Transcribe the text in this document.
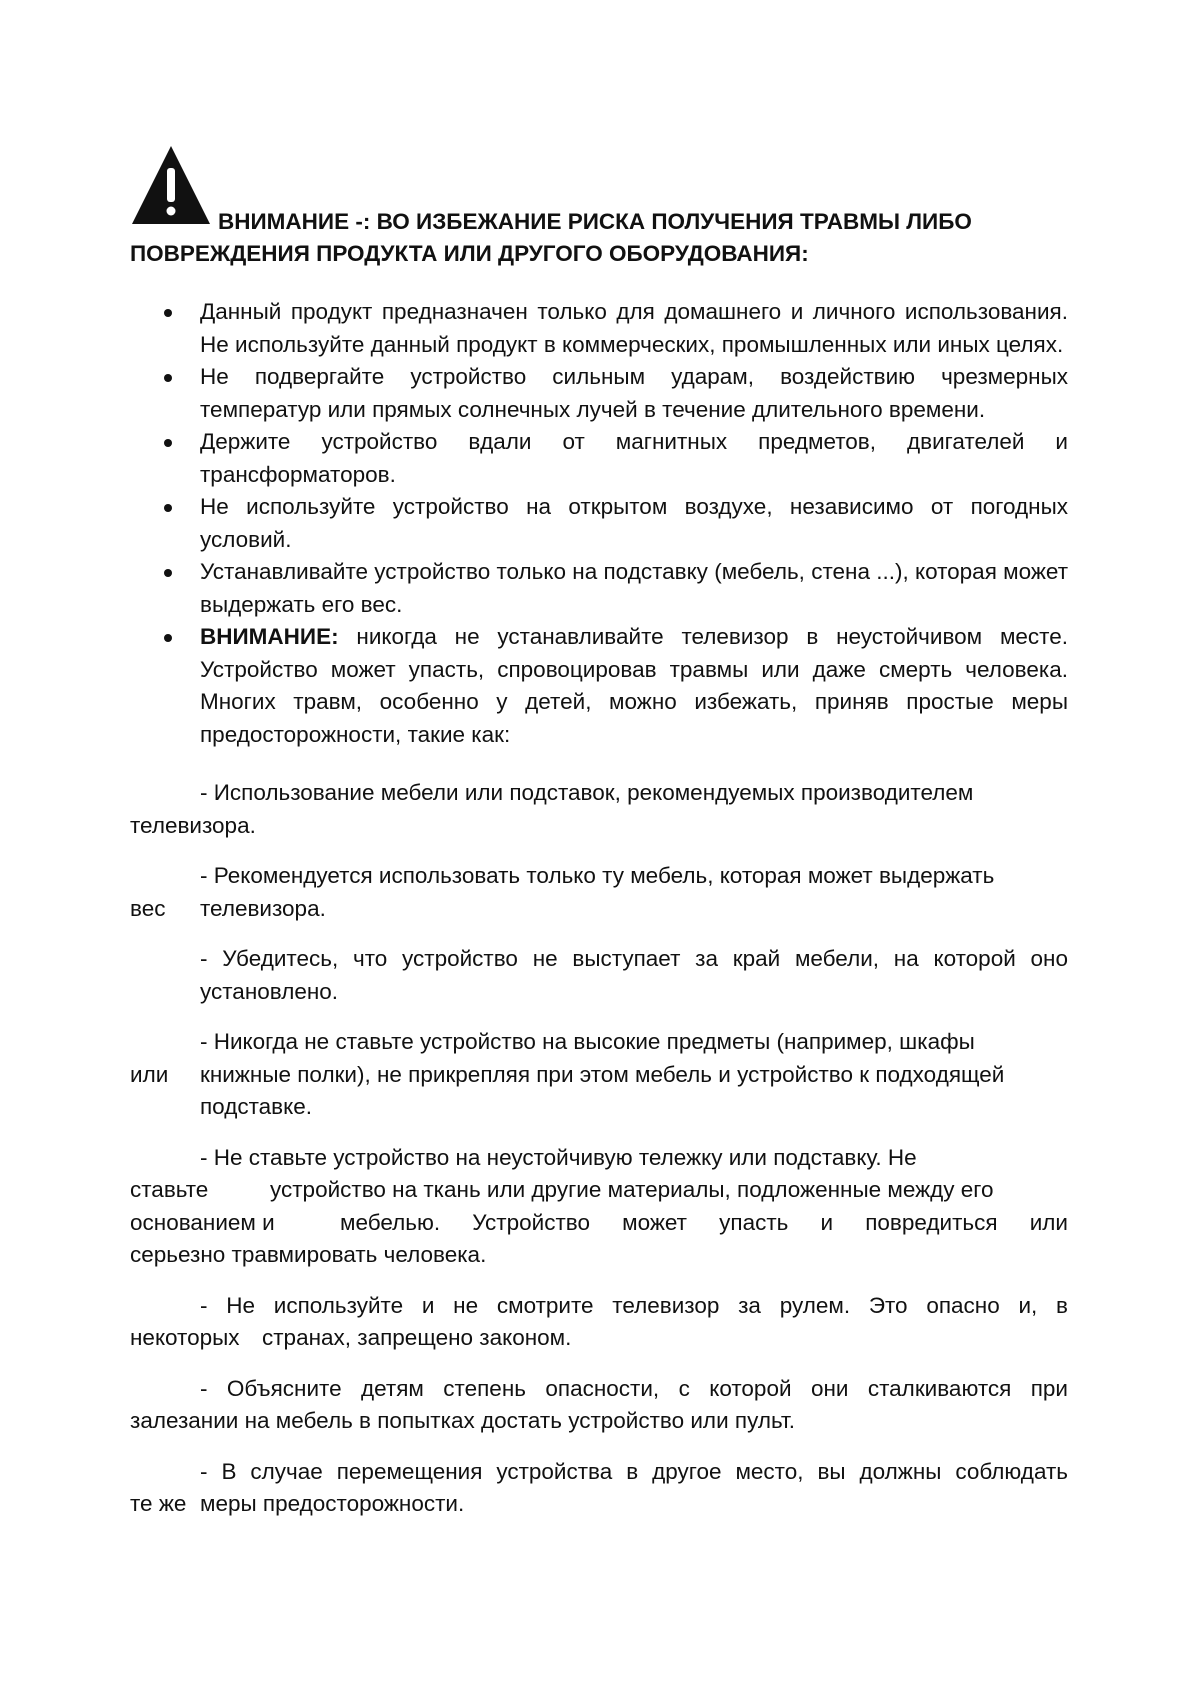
ВНИМАНИЕ -: ВО ИЗБЕЖАНИЕ РИСКА ПОЛУЧЕНИЯ ТРАВМЫ ЛИБО
ПОВРЕЖДЕНИЯ ПРОДУКТА ИЛИ ДРУГОГО ОБОРУДОВАНИЯ:
Данный продукт предназначен только для домашнего и личного использования. Не используйте данный продукт в коммерческих, промышленных или иных целях.
Не подвергайте устройство сильным ударам, воздействию чрезмерных температур или прямых солнечных лучей в течение длительного времени.
Держите устройство вдали от магнитных предметов, двигателей и трансформаторов.
Не используйте устройство на открытом воздухе, независимо от погодных условий.
Устанавливайте устройство только на подставку (мебель, стена ...), которая может выдержать его вес.
ВНИМАНИЕ: никогда не устанавливайте телевизор в неустойчивом месте. Устройство может упасть, спровоцировав травмы или даже смерть человека. Многих травм, особенно у детей, можно избежать, приняв простые меры предосторожности, такие как:
- Использование мебели или подставок, рекомендуемых производителем
телевизора.
- Рекомендуется использовать только ту мебель, которая может выдержать
вес	телевизора.
- Убедитесь, что устройство не выступает за край мебели, на которой оно установлено.
- Никогда не ставьте устройство на высокие предметы (например, шкафы
или	книжные полки), не прикрепляя при этом мебель и устройство к подходящей
подставке.
- Не ставьте устройство на неустойчивую тележку или подставку. Не
ставьте	устройство на ткань или другие материалы, подложенные между его
основанием и	мебелью. Устройство может упасть и повредиться или
серьезно травмировать человека.
- Не используйте и не смотрите телевизор за рулем. Это опасно и, в
некоторых странах, запрещено законом.
- Объясните детям степень опасности, с которой они сталкиваются при
залезании на мебель в попытках достать устройство или пульт.
- В случае перемещения устройства в другое место, вы должны соблюдать
те же меры предосторожности.
